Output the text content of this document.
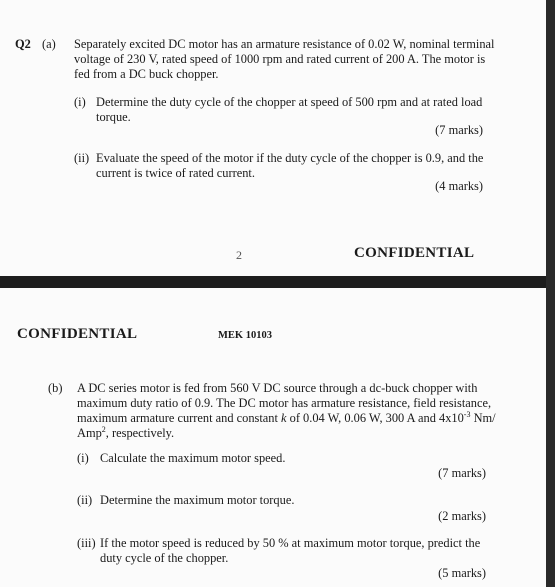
Q2 (a) Separately excited DC motor has an armature resistance of 0.02 W, nominal terminal
voltage of 230 V, rated speed of 1000 rpm and rated current of 200 A. The motor is
fed from a DC buck chopper.
(i) Determine the duty cycle of the chopper at speed of 500 rpm and at rated load
torque.
(7 marks)
(ii) Evaluate the speed of the motor if the duty cycle of the chopper is 0.9, and the
current is twice of rated current.
(4 marks)
2	CONFIDENTIAL
CONFIDENTIAL	MEK 10103
(b) A DC series motor is fed from 560 V DC source through a dc-buck chopper with
maximum duty ratio of 0.9. The DC motor has armature resistance, field resistance,
maximum armature current and constant k of 0.04 W, 0.06 W, 300 A and $4x10^{-3}$ Nm/
Amp$^2$, respectively.
(i) Calculate the maximum motor speed.
(7 marks)
(ii) Determine the maximum motor torque.
(2 marks)
(iii) If the motor speed is reduced by 50 % at maximum motor torque, predict the
duty cycle of the chopper.
(5 marks)
